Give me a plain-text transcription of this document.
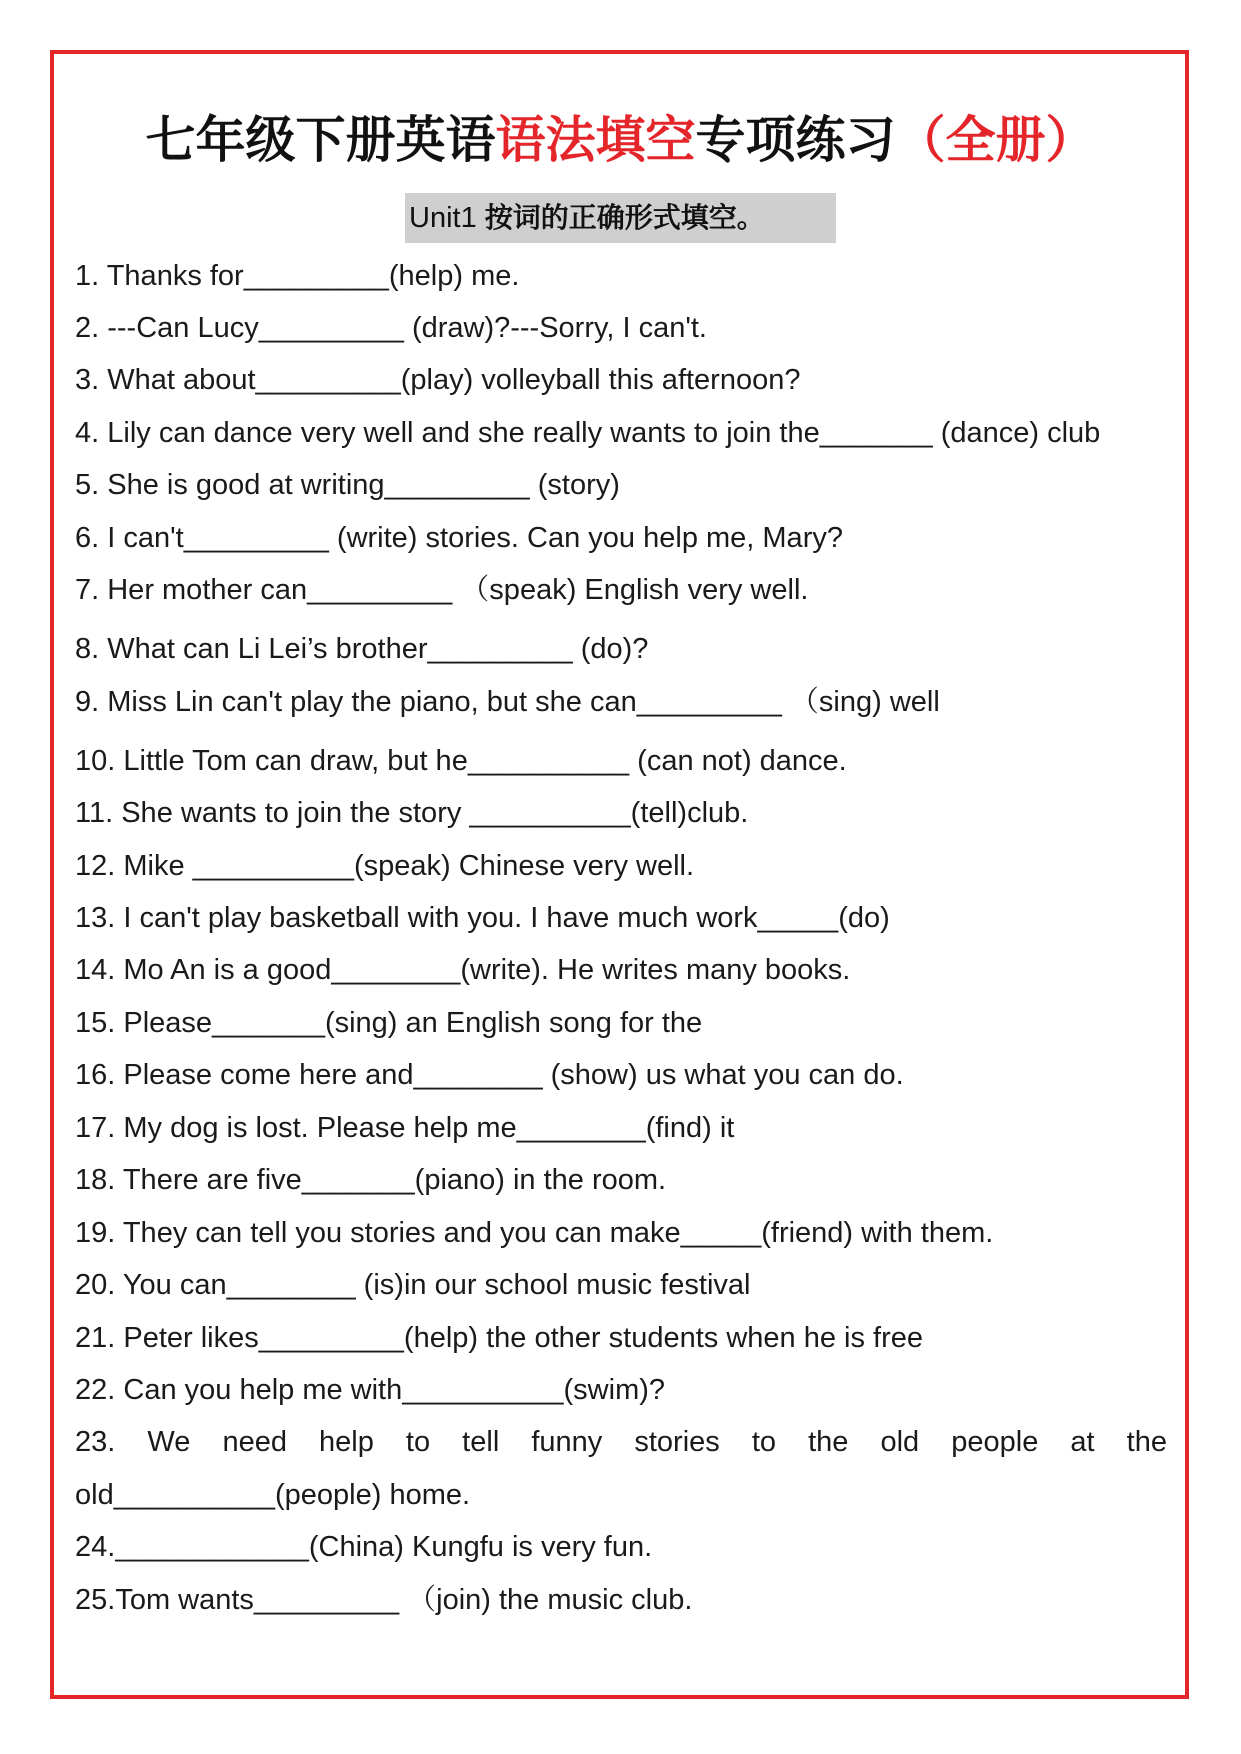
七年级下册英语语法填空专项练习（全册）
Unit1 按词的正确形式填空。
1. Thanks for_________(help) me.
2. ---Can Lucy_________ (draw)?---Sorry, I can't.
3. What about_________(play) volleyball this afternoon?
4. Lily can dance very well and she really wants to join the_______ (dance) club
5. She is good at writing_________ (story)
6. I can't_________ (write) stories. Can you help me, Mary?
7. Her mother can_________ （speak) English very well.
8. What can Li Lei’s brother_________ (do)?
9. Miss Lin can't play the piano, but she can_________ （sing) well
10. Little Tom can draw, but he__________ (can not) dance.
11. She wants to join the story __________(tell)club.
12. Mike __________(speak) Chinese very well.
13. I can't play basketball with you. I have much work_____(do)
14. Mo An is a good________(write). He writes many books.
15. Please_______(sing) an English song for the
16. Please come here and________ (show) us what you can do.
17. My dog is lost. Please help me________(find) it
18. There are five_______(piano) in the room.
19. They can tell you stories and you can make_____(friend) with them.
20. You can________ (is)in our school music festival
21. Peter likes_________(help) the other students when he is free
22. Can you help me with__________(swim)?
23. We need help to tell funny stories to the old people at the
old__________(people) home.
24.____________(China) Kungfu is very fun.
25.Tom wants_________ （join) the music club.
